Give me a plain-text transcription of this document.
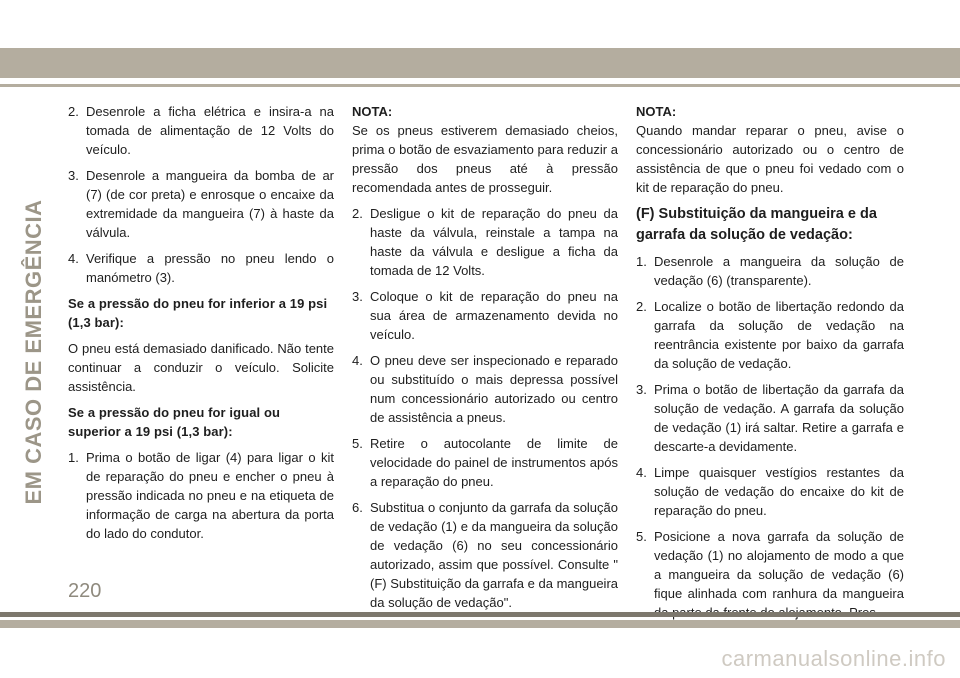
EM CASO DE EMERGÊNCIA
2. Desenrole a ficha elétrica e insira-a na tomada de alimentação de 12 Volts do veículo.
3. Desenrole a mangueira da bomba de ar (7) (de cor preta) e enrosque o encaixe da extremidade da mangueira (7) à haste da válvula.
4. Verifique a pressão no pneu lendo o manómetro (3).
Se a pressão do pneu for inferior a 19 psi (1,3 bar):

O pneu está demasiado danificado. Não tente continuar a conduzir o veículo. Solicite assistência.

Se a pressão do pneu for igual ou superior a 19 psi (1,3 bar):
1. Prima o botão de ligar (4) para ligar o kit de reparação do pneu e encher o pneu à pressão indicada no pneu e na etiqueta de informação de carga na abertura da porta do lado do condutor.
NOTA:

Se os pneus estiverem demasiado cheios, prima o botão de esvaziamento para reduzir a pressão dos pneus até à pressão recomendada antes de prosseguir.

2. Desligue o kit de reparação do pneu da haste da válvula, reinstale a tampa na haste da válvula e desligue a ficha da tomada de 12 Volts.
3. Coloque o kit de reparação do pneu na sua área de armazenamento devida no veículo.
4. O pneu deve ser inspecionado e reparado ou substituído o mais depressa possível num concessionário autorizado ou centro de assistência a pneus.
5. Retire o autocolante de limite de velocidade do painel de instrumentos após a reparação do pneu.
6. Substitua o conjunto da garrafa da solução de vedação (1) e da mangueira da solução de vedação (6) no seu concessionário autorizado, assim que possível. Consulte "(F) Substituição da garrafa e da mangueira da solução de vedação".
NOTA:

Quando mandar reparar o pneu, avise o concessionário autorizado ou o centro de assistência de que o pneu foi vedado com o kit de reparação do pneu.

(F) Substituição da mangueira e da garrafa da solução de vedação:
1. Desenrole a mangueira da solução de vedação (6) (transparente).
2. Localize o botão de libertação redondo da garrafa da solução de vedação na reentrância existente por baixo da garrafa da solução de vedação.
3. Prima o botão de libertação da garrafa da solução de vedação. A garrafa da solução de vedação (1) irá saltar. Retire a garrafa e descarte-a devidamente.
4. Limpe quaisquer vestígios restantes da solução de vedação do encaixe do kit de reparação do pneu.
5. Posicione a nova garrafa da solução de vedação (1) no alojamento de modo a que a mangueira da solução de vedação (6) fique alinhada com ranhura da mangueira
220
carmanualsonline.info
